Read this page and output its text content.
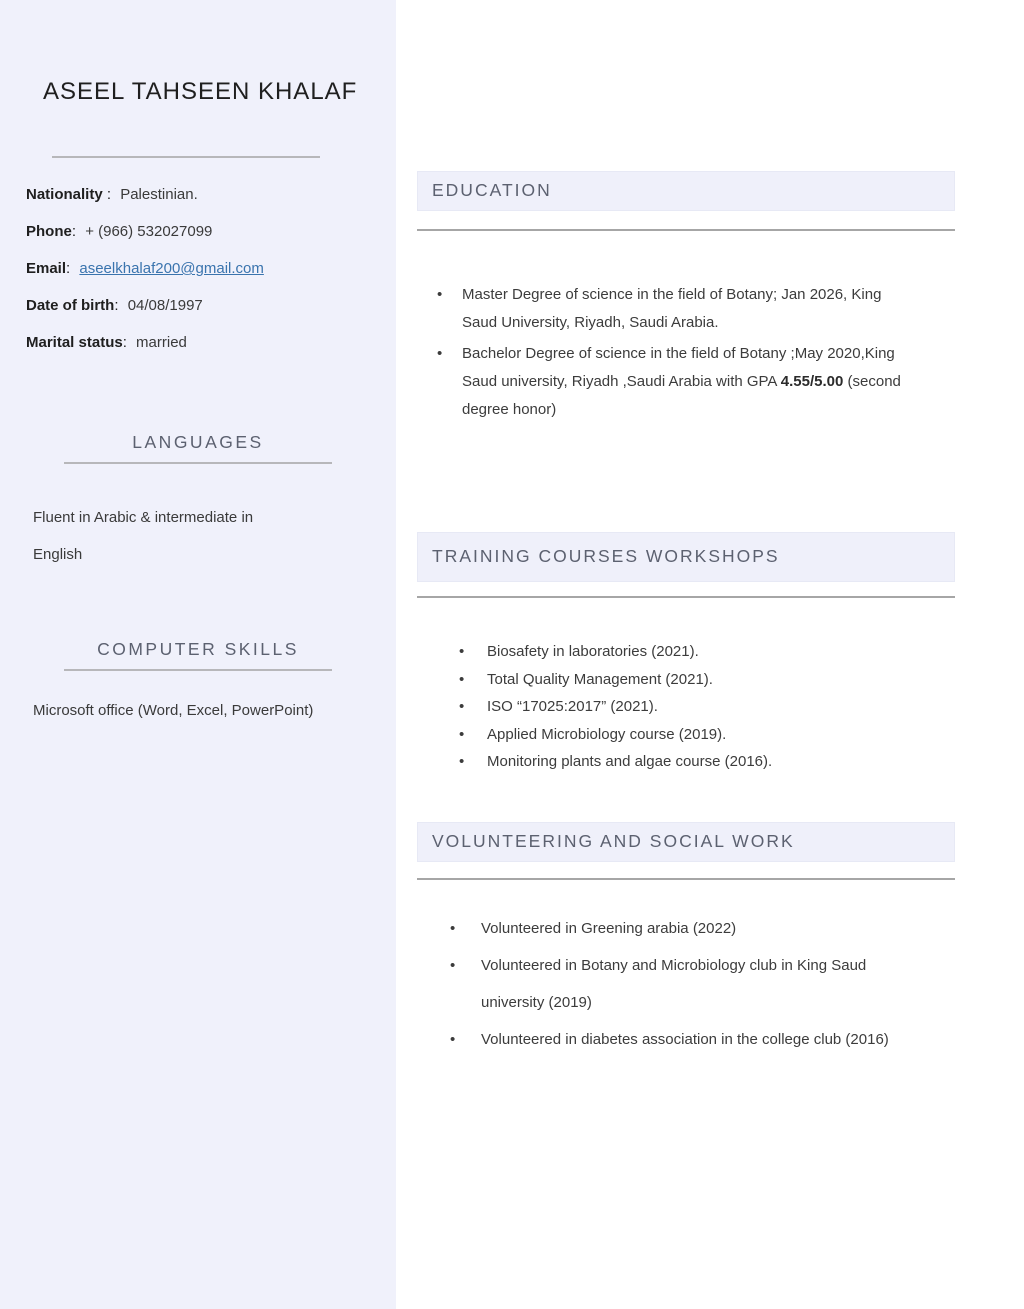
ASEEL TAHSEEN KHALAF
Nationality : Palestinian.
Phone: + (966) 532027099
Email: aseelkhalaf200@gmail.com
Date of birth: 04/08/1997
Marital status: married
LANGUAGES

Fluent in Arabic & intermediate in English

COMPUTER SKILLS

Microsoft office (Word, Excel, PowerPoint)

EDUCATION
• Master Degree of science in the field of Botany; Jan 2026, King Saud University, Riyadh, Saudi Arabia.
• Bachelor Degree of science in the field of Botany ;May 2020,King Saud university, Riyadh ,Saudi Arabia with GPA 4.55/5.00 (second degree honor)
TRAINING COURSES WORKSHOPS
• Biosafety in laboratories (2021).
• Total Quality Management (2021).
• ISO “17025:2017” (2021).
• Applied Microbiology course (2019).
• Monitoring plants and algae course (2016).
VOLUNTEERING AND SOCIAL WORK
• Volunteered in Greening arabia (2022)
• Volunteered in Botany and Microbiology club in King Saud university (2019)
• Volunteered in diabetes association in the college club (2016)
